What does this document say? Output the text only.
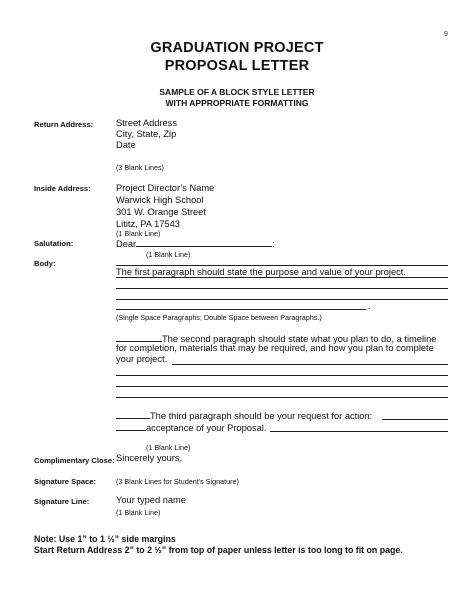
9
GRADUATION PROJECT
PROPOSAL LETTER
SAMPLE OF A BLOCK STYLE LETTER
WITH APPROPRIATE FORMATTING
Return Address: Street Address
City, State, Zip
Date
(3 Blank Lines)
Inside Address:	Project Director’s Name
Warwick High School
301 W. Orange Street
Lititz, PA 17543
(1 Blank Line)
Salutation:	Dear	:
(1 Blank Line)
Body:
The first paragraph should state the purpose and value of your project.
.
(Single Space Paragraphs; Double Space between Paragraphs.)
The second paragraph should state what you plan to do, a timeline
for completion, materials that may be required, and how you plan to complete
your project.
The third paragraph should be your request for action:
acceptance of your Proposal.
(1 Blank Line)
Complimentary Close: Sincerely yours,
Signature Space:	(3 Blank Lines for Student’s Signature)
Signature Line:	Your typed name
(1 Blank Line)
Note: Use 1” to 1 ½” side margins
Start Return Address 2” to 2 ½” from top of paper unless letter is too long to fit on page.
